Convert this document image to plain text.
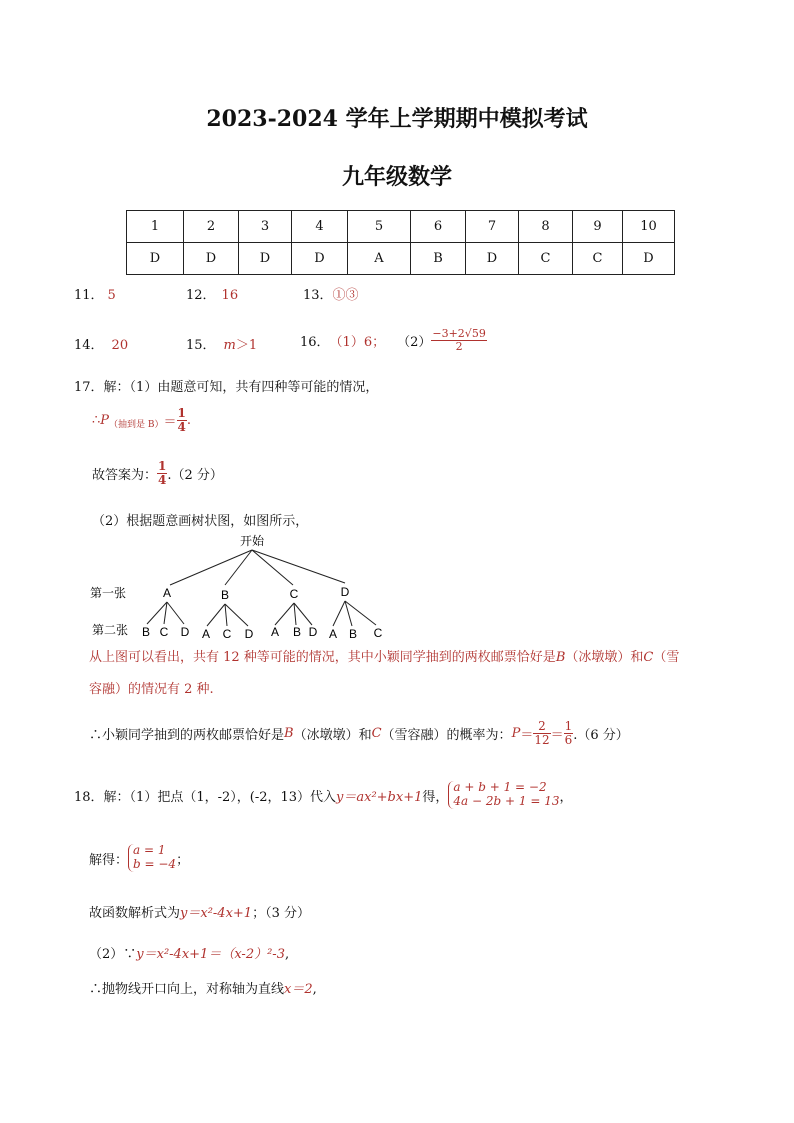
2023-2024 学年上学期期中模拟考试
九年级数学
1	2	3	4	5	6	7	8	9	10
D	D	D	D	A	B	D	C	C	D
11． 5	12． 16	13．①③
14． 20	15． m＞1	16． （1）6； $(2) \frac{-3+2√59}{2}$
17．解：（1）由题意可知，共有四种等可能的情况，
∴ P （抽到是 $B) = \frac{1}{4}$ .
故答案为： $\frac{1}{4} .(2$ 分）
（2）根据题意画树状图，如图所示，
开始
第一张	A	B	C	D
第二张 B C D A C D A B D A B C
从上图可以看出，共有 12 种等可能的情况，其中小颖同学抽到的两枚邮票恰好是B（冰墩墩）和C（雪
容融）的情况有 2 种.
∴小颖同学抽到的两枚邮票恰好是 B （冰墩墩）和 C （雪容融）的概率为： $P = \frac{2}{12} = \frac{1}{6} .(6$ 分）
18．解：（1）把点（1，-2），(-2，13）代入 y＝ax²+bx+1 得，
a + b + 1 = −2
4a − 2b + 1 = 13 ，
解得：
a = 1
b = −4 ；
故函数解析式为y＝x²-4x+1；（3 分）
（2）∵y＝x²-4x+1＝（x-2）²-3,
∴抛物线开口向上，对称轴为直线x＝2,
